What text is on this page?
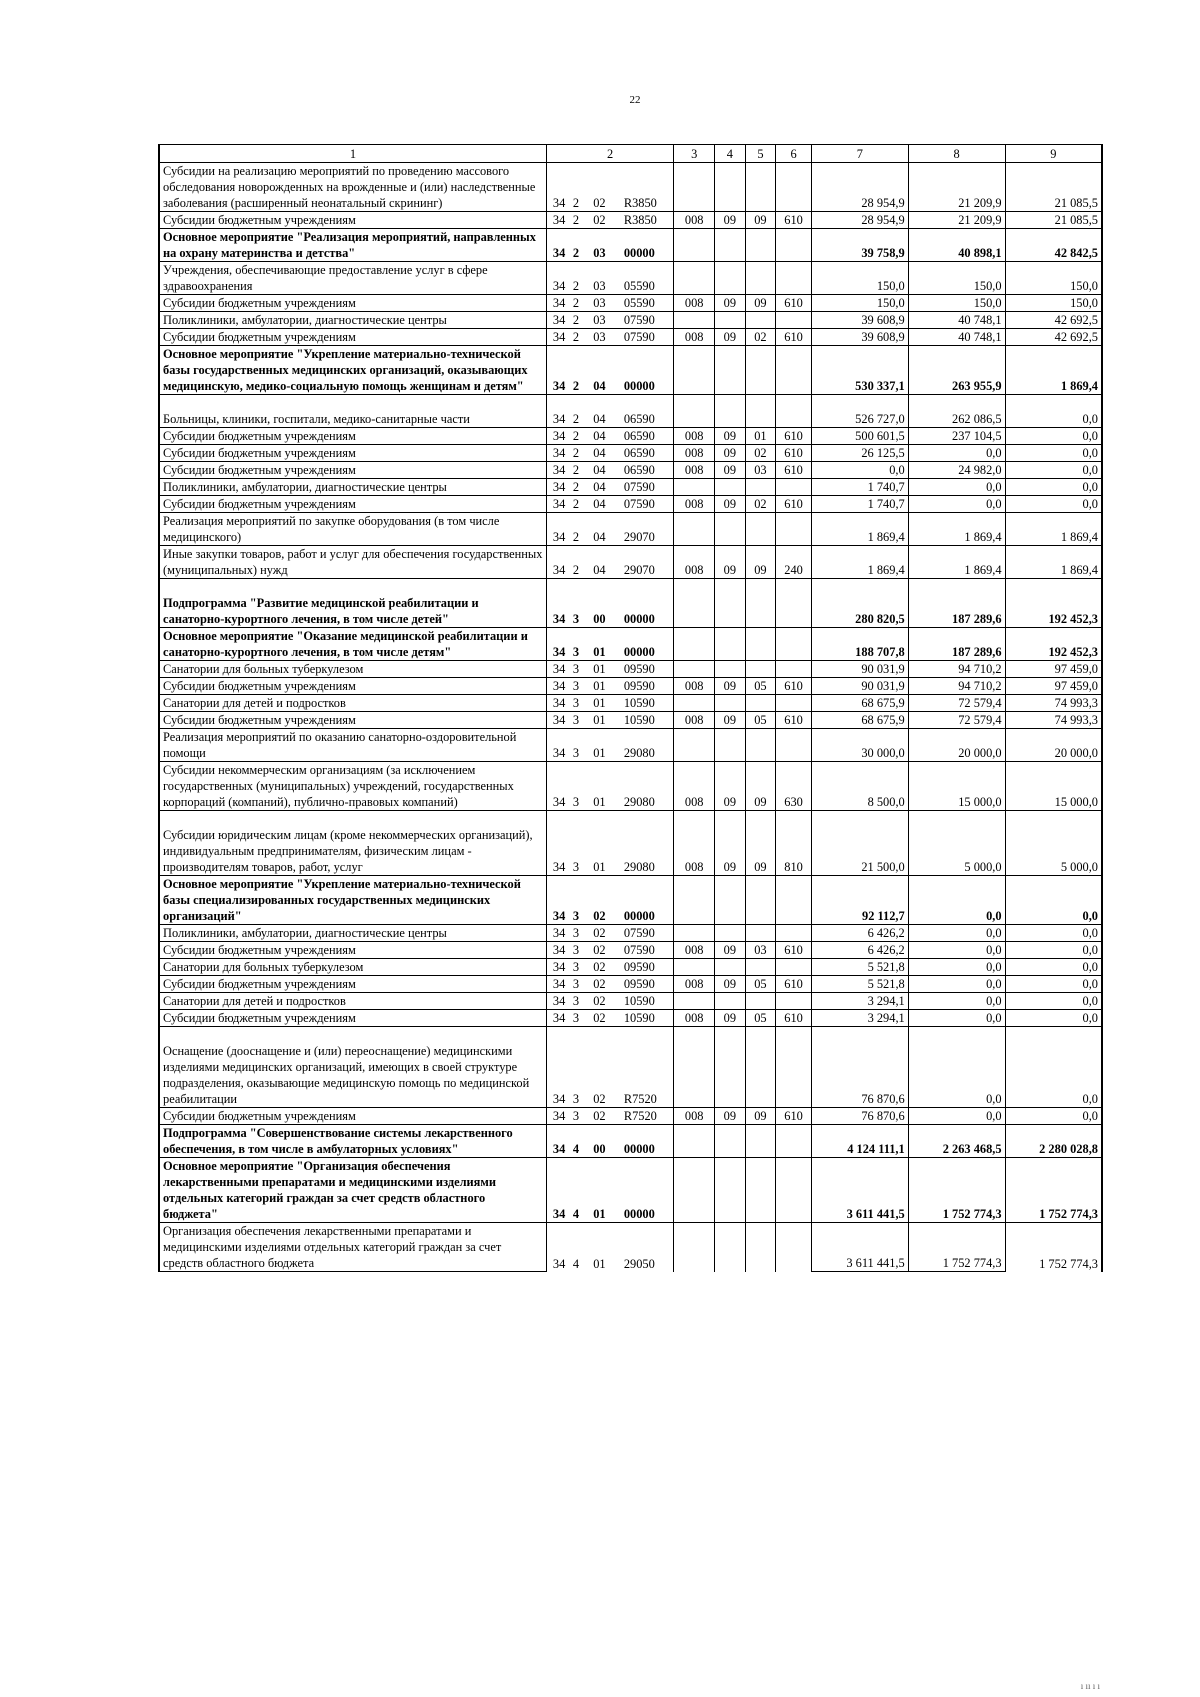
22
1	2				3	4	5	6	7	8	9
Субсидии на реализацию мероприятий по проведению массового обследования новорожденных на врожденные и (или) наследственные заболевания (расширенный неонатальный скрининг)	34	2	02	R3850					28 954,9	21 209,9	21 085,5
Субсидии бюджетным учреждениям	34	2	02	R3850	008	09	09	610	28 954,9	21 209,9	21 085,5
Основное мероприятие "Реализация мероприятий, направленных на охрану материнства и детства"	34	2	03	00000					39 758,9	40 898,1	42 842,5
Учреждения, обеспечивающие предоставление услуг в сфере здравоохранения	34	2	03	05590					150,0	150,0	150,0
Субсидии бюджетным учреждениям	34	2	03	05590	008	09	09	610	150,0	150,0	150,0
Поликлиники, амбулатории, диагностические центры	34	2	03	07590					39 608,9	40 748,1	42 692,5
Субсидии бюджетным учреждениям	34	2	03	07590	008	09	02	610	39 608,9	40 748,1	42 692,5
Основное мероприятие "Укрепление материально-технической базы государственных медицинских организаций, оказывающих медицинскую, медико-социальную помощь женщинам и детям"	34	2	04	00000					530 337,1	263 955,9	1 869,4
Больницы, клиники, госпитали, медико-санитарные части	34	2	04	06590					526 727,0	262 086,5	0,0
Субсидии бюджетным учреждениям	34	2	04	06590	008	09	01	610	500 601,5	237 104,5	0,0
Субсидии бюджетным учреждениям	34	2	04	06590	008	09	02	610	26 125,5	0,0	0,0
Субсидии бюджетным учреждениям	34	2	04	06590	008	09	03	610	0,0	24 982,0	0,0
Поликлиники, амбулатории, диагностические центры	34	2	04	07590					1 740,7	0,0	0,0
Субсидии бюджетным учреждениям	34	2	04	07590	008	09	02	610	1 740,7	0,0	0,0
Реализация мероприятий по закупке оборудования (в том числе медицинского)	34	2	04	29070					1 869,4	1 869,4	1 869,4
Иные закупки товаров, работ и услуг для обеспечения государственных (муниципальных) нужд	34	2	04	29070	008	09	09	240	1 869,4	1 869,4	1 869,4
Подпрограмма "Развитие медицинской реабилитации и санаторно-курортного лечения, в том числе детей"	34	3	00	00000					280 820,5	187 289,6	192 452,3
Основное мероприятие "Оказание медицинской реабилитации и санаторно-курортного лечения, в том числе детям"	34	3	01	00000					188 707,8	187 289,6	192 452,3
Санатории для больных туберкулезом	34	3	01	09590					90 031,9	94 710,2	97 459,0
Субсидии бюджетным учреждениям	34	3	01	09590	008	09	05	610	90 031,9	94 710,2	97 459,0
Санатории для детей и подростков	34	3	01	10590					68 675,9	72 579,4	74 993,3
Субсидии бюджетным учреждениям	34	3	01	10590	008	09	05	610	68 675,9	72 579,4	74 993,3
Реализация мероприятий по оказанию санаторно-оздоровительной помощи	34	3	01	29080					30 000,0	20 000,0	20 000,0
Субсидии некоммерческим организациям (за исключением государственных (муниципальных) учреждений, государственных корпораций (компаний), публично-правовых компаний)	34	3	01	29080	008	09	09	630	8 500,0	15 000,0	15 000,0
Субсидии юридическим лицам (кроме некоммерческих организаций), индивидуальным предпринимателям, физическим лицам - производителям товаров, работ, услуг	34	3	01	29080	008	09	09	810	21 500,0	5 000,0	5 000,0
Основное мероприятие "Укрепление материально-технической базы специализированных государственных медицинских организаций"	34	3	02	00000					92 112,7	0,0	0,0
Поликлиники, амбулатории, диагностические центры	34	3	02	07590					6 426,2	0,0	0,0
Субсидии бюджетным учреждениям	34	3	02	07590	008	09	03	610	6 426,2	0,0	0,0
Санатории для больных туберкулезом	34	3	02	09590					5 521,8	0,0	0,0
Субсидии бюджетным учреждениям	34	3	02	09590	008	09	05	610	5 521,8	0,0	0,0
Санатории для детей и подростков	34	3	02	10590					3 294,1	0,0	0,0
Субсидии бюджетным учреждениям	34	3	02	10590	008	09	05	610	3 294,1	0,0	0,0
Оснащение (дооснащение и (или) переоснащение) медицинскими изделиями медицинских организаций, имеющих в своей структуре подразделения, оказывающие медицинскую помощь по медицинской реабилитации	34	3	02	R7520					76 870,6	0,0	0,0
Субсидии бюджетным учреждениям	34	3	02	R7520	008	09	09	610	76 870,6	0,0	0,0
Подпрограмма "Совершенствование системы лекарственного обеспечения, в том числе в амбулаторных условиях"	34	4	00	00000					4 124 111,1	2 263 468,5	2 280 028,8
Основное мероприятие "Организация обеспечения лекарственными препаратами и медицинскими изделиями отдельных категорий граждан за счет средств областного бюджета"	34	4	01	00000					3 611 441,5	1 752 774,3	1 752 774,3
Организация обеспечения лекарственными препаратами и медицинскими изделиями отдельных категорий граждан за счет средств областного бюджета	34	4	01	29050					3 611 441,5	1 752 774,3	1 752 774,3
ı ıı ı ı
